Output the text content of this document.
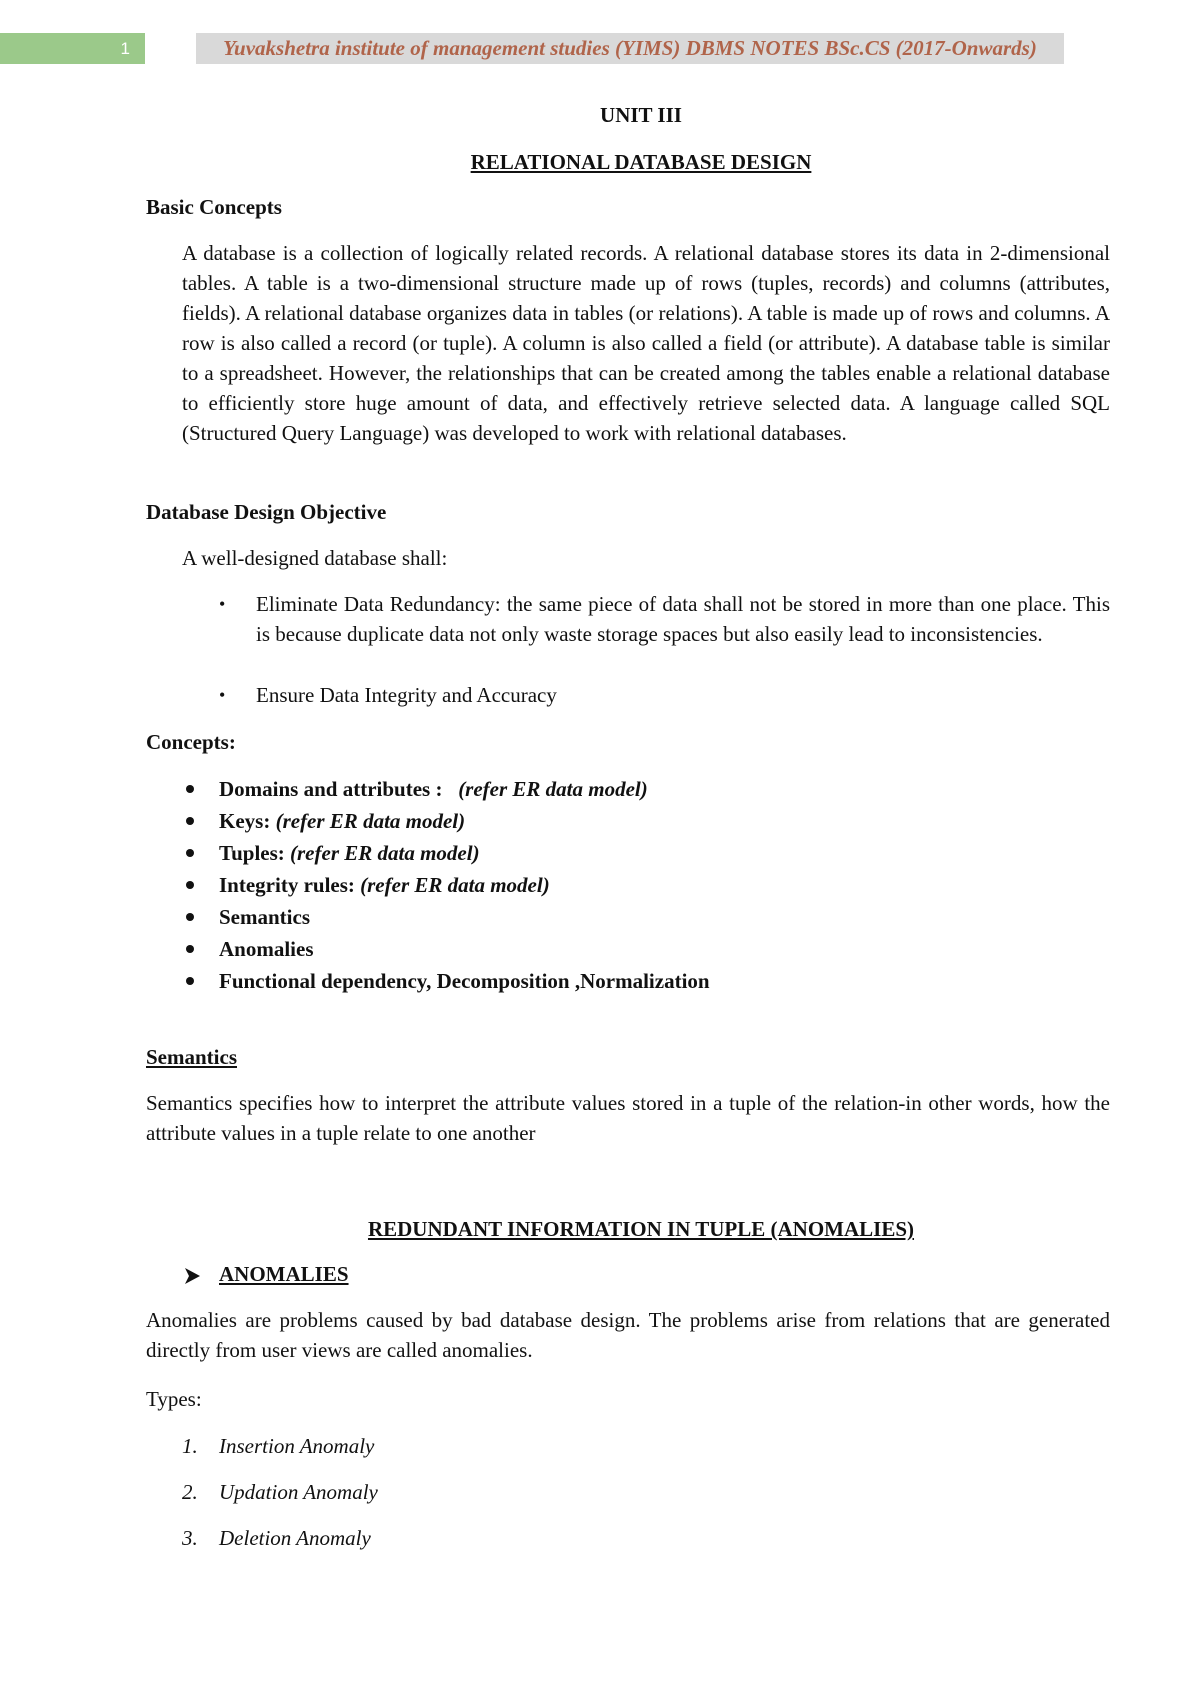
1	Yuvakshetra institute of management studies (YIMS) DBMS NOTES BSc.CS (2017-Onwards)
UNIT III
RELATIONAL DATABASE DESIGN
Basic Concepts
A database is a collection of logically related records. A relational database stores its data in 2-dimensional tables. A table is a two-dimensional structure made up of rows (tuples, records) and columns (attributes, fields). A relational database organizes data in tables (or relations). A table is made up of rows and columns. A row is also called a record (or tuple). A column is also called a field (or attribute). A database table is similar to a spreadsheet. However, the relationships that can be created among the tables enable a relational database to efficiently store huge amount of data, and effectively retrieve selected data. A language called SQL (Structured Query Language) was developed to work with relational databases.
Database Design Objective
A well-designed database shall:
• Eliminate Data Redundancy: the same piece of data shall not be stored in more than one place. This is because duplicate data not only waste storage spaces but also easily lead to inconsistencies.
• Ensure Data Integrity and Accuracy
Concepts:
Domains and attributes : (refer ER data model)
Keys: (refer ER data model)
Tuples: (refer ER data model)
Integrity rules: (refer ER data model)
Semantics
Anomalies
Functional dependency, Decomposition ,Normalization
Semantics
Semantics specifies how to interpret the attribute values stored in a tuple of the relation-in other words, how the attribute values in a tuple relate to one another
REDUNDANT INFORMATION IN TUPLE (ANOMALIES)
ANOMALIES
Anomalies are problems caused by bad database design. The problems arise from relations that are generated directly from user views are called anomalies.
Types:
1. Insertion Anomaly
2. Updation Anomaly
3. Deletion Anomaly
